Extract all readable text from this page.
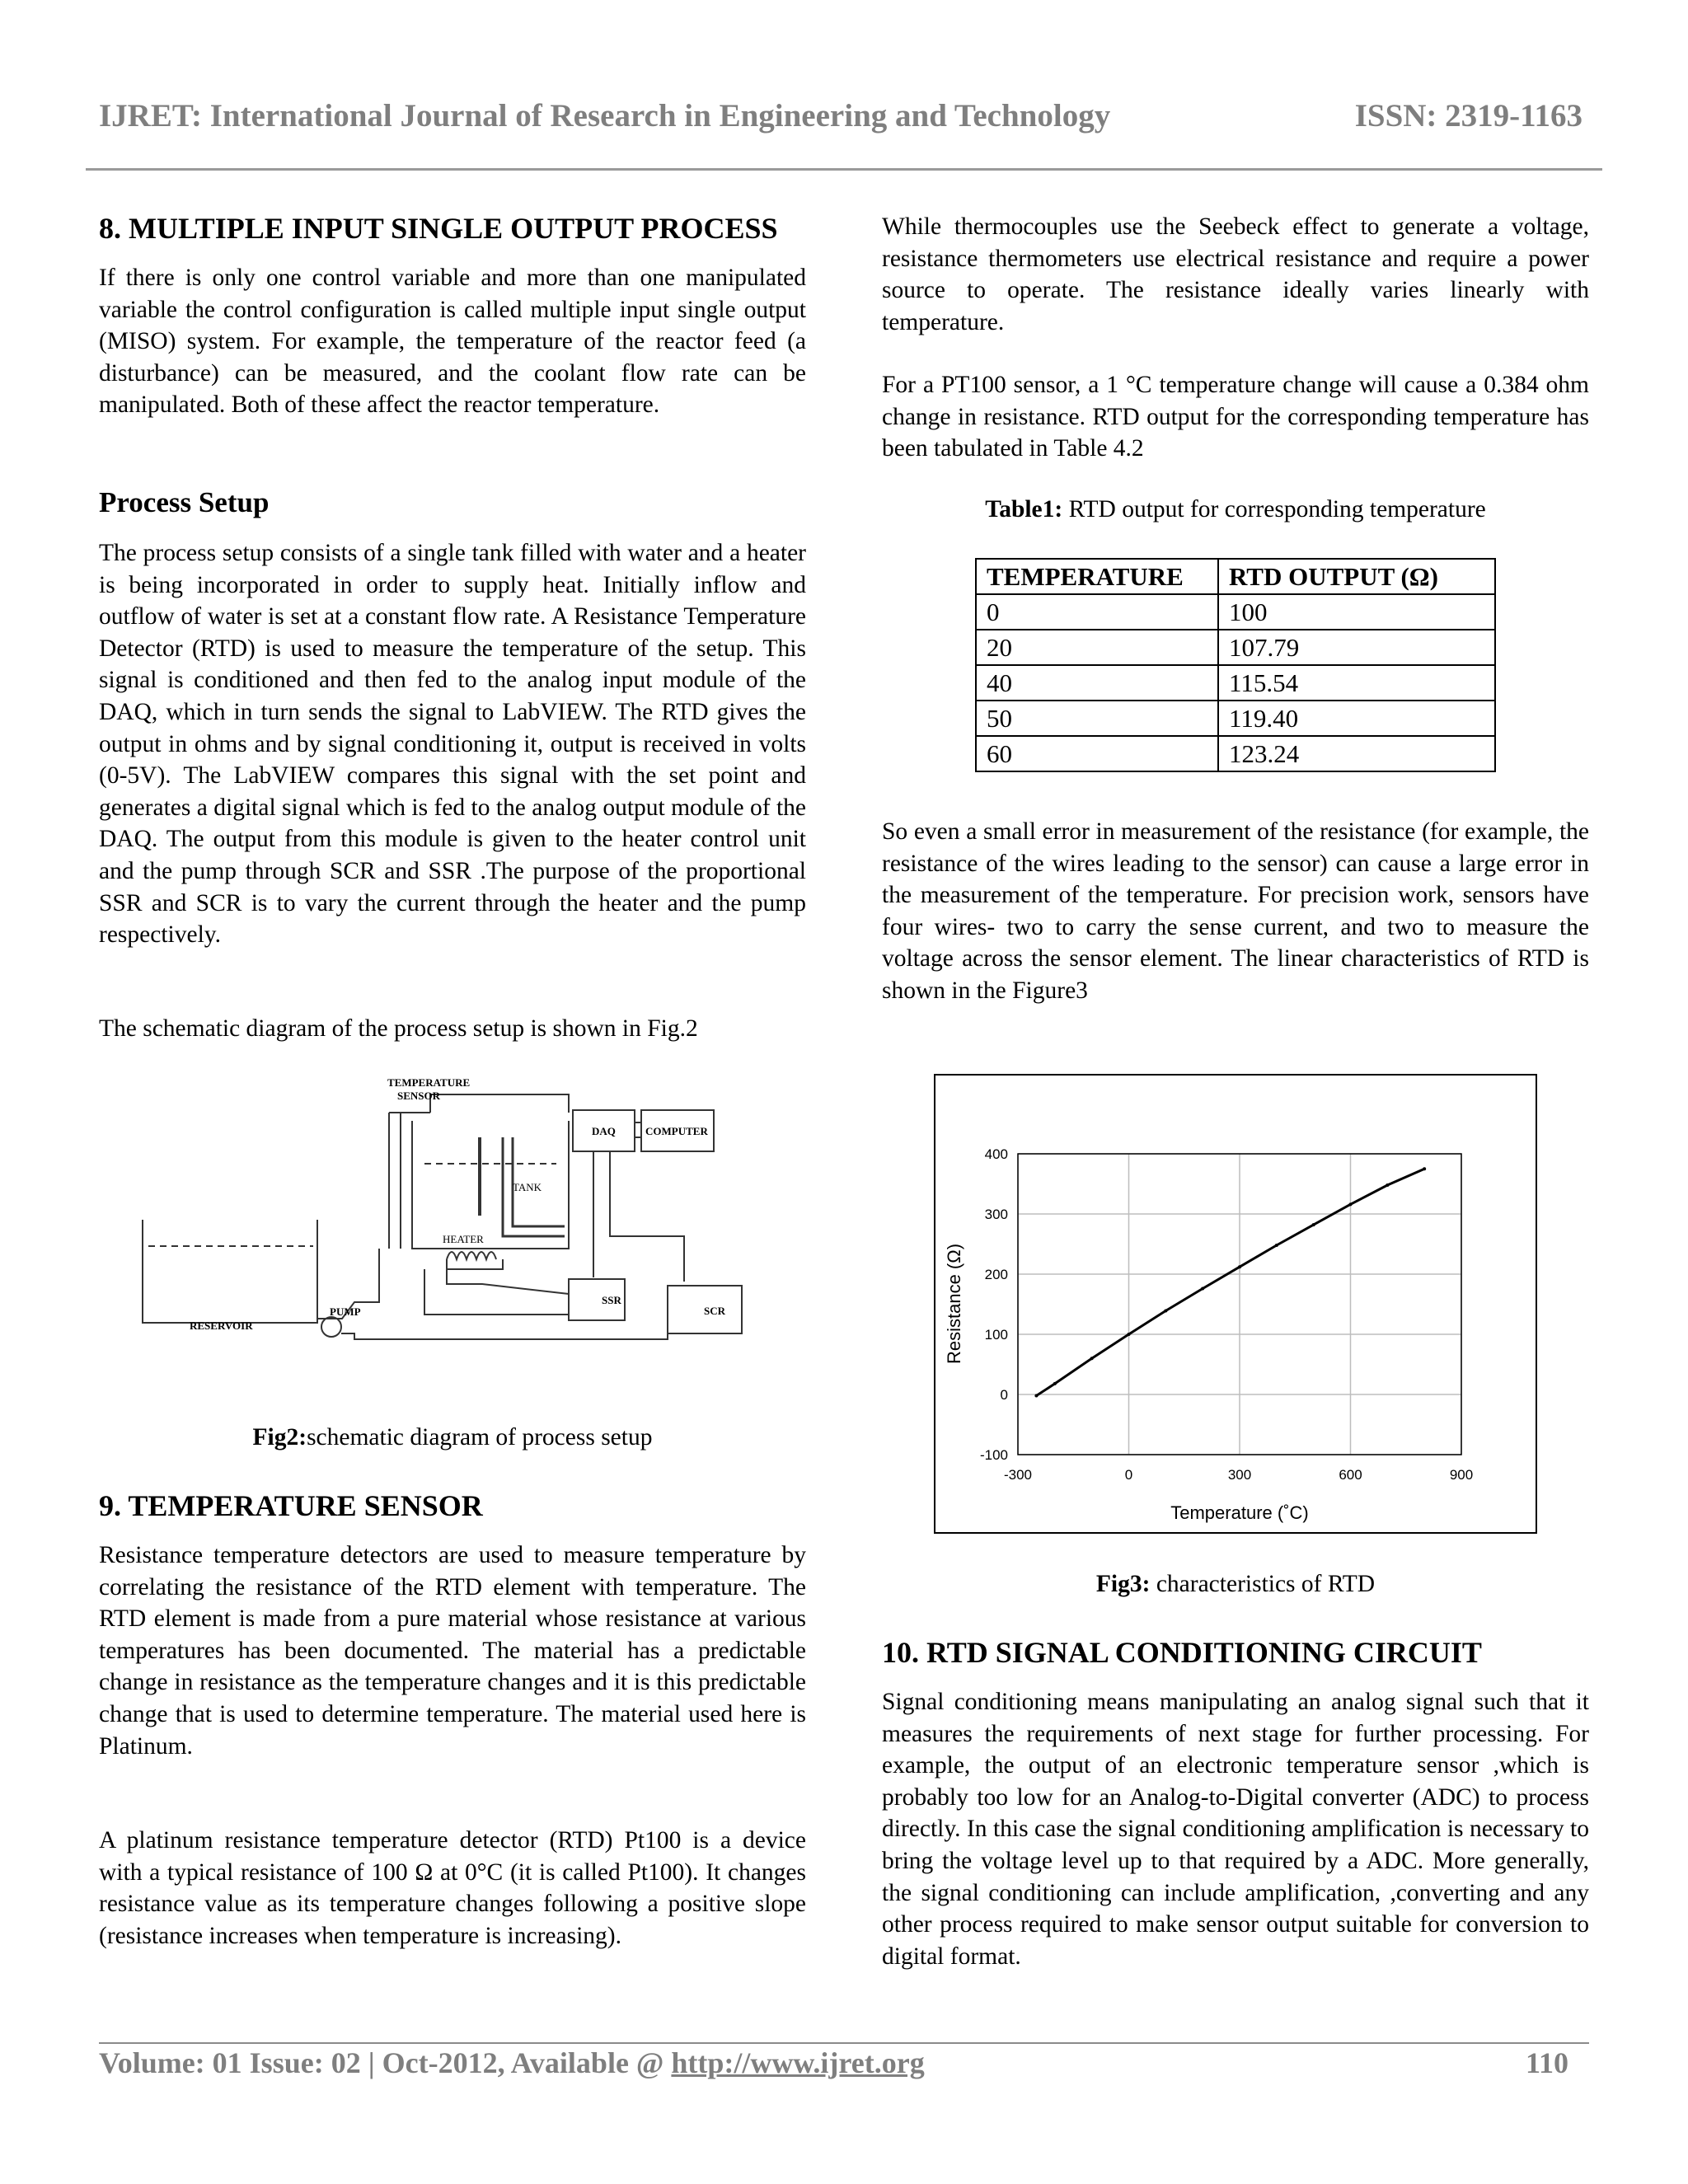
IJRET: International Journal of Research in Engineering and Technology	ISSN: 2319-1163
8. MULTIPLE INPUT SINGLE OUTPUT PROCESS
If there is only one control variable and more than one manipulated variable the control configuration is called multiple input single output (MISO) system. For example, the temperature of the reactor feed (a disturbance) can be measured, and the coolant flow rate can be manipulated. Both of these affect the reactor temperature.
Process Setup
The process setup consists of a single tank filled with water and a heater is being incorporated in order to supply heat. Initially inflow and outflow of water is set at a constant flow rate. A Resistance Temperature Detector (RTD) is used to measure the temperature of the setup. This signal is conditioned and then fed to the analog input module of the DAQ, which in turn sends the signal to LabVIEW. The RTD gives the output in ohms and by signal conditioning it, output is received in volts (0-5V). The LabVIEW compares this signal with the set point and generates a digital signal which is fed to the analog output module of the DAQ. The output from this module is given to the heater control unit and the pump through SCR and SSR .The purpose of the proportional SSR and SCR is to vary the current through the heater and the pump respectively.
The schematic diagram of the process setup is shown in Fig.2
TEMPERATURE
SENSOR
DAQ	COMPUTER
TANK
HEATER
SSR
PUMP
RESERVOIR
SCR
Fig2:schematic diagram of process setup
9. TEMPERATURE SENSOR
Resistance temperature detectors are used to measure temperature by correlating the resistance of the RTD element with temperature. The RTD element is made from a pure material whose resistance at various temperatures has been documented. The material has a predictable change in resistance as the temperature changes and it is this predictable change that is used to determine temperature. The material used here is Platinum.
A platinum resistance temperature detector (RTD) Pt100 is a device with a typical resistance of 100 Ω at 0°C (it is called Pt100). It changes resistance value as its temperature changes following a positive slope (resistance increases when temperature is increasing).
While thermocouples use the Seebeck effect to generate a voltage, resistance thermometers use electrical resistance and require a power source to operate. The resistance ideally varies linearly with temperature.
For a PT100 sensor, a 1 °C temperature change will cause a 0.384 ohm change in resistance. RTD output for the corresponding temperature has been tabulated in Table 4.2
Table1: RTD output for corresponding temperature
TEMPERATURE	RTD OUTPUT (Ω)
0	100
20	107.79
40	115.54
50	119.40
60	123.24
So even a small error in measurement of the resistance (for example, the resistance of the wires leading to the sensor) can cause a large error in the measurement of the temperature. For precision work, sensors have four wires- two to carry the sense current, and two to measure the voltage across the sensor element. The linear characteristics of RTD is shown in the Figure3
-300	0	300	600	900
-100
0
100
200
300
400
Temperature (˚C)
Resistance (Ω)
Fig3: characteristics of RTD
10. RTD SIGNAL CONDITIONING CIRCUIT
Signal conditioning means manipulating an analog signal such that it measures the requirements of next stage for further processing. For example, the output of an electronic temperature sensor ,which is probably too low for an Analog-to-Digital converter (ADC) to process directly. In this case the signal conditioning amplification is necessary to bring the voltage level up to that required by a ADC. More generally, the signal conditioning can include amplification, ,converting and any other process required to make sensor output suitable for conversion to digital format.
Volume: 01 Issue: 02 | Oct-2012, Available @ http://www.ijret.org	110
